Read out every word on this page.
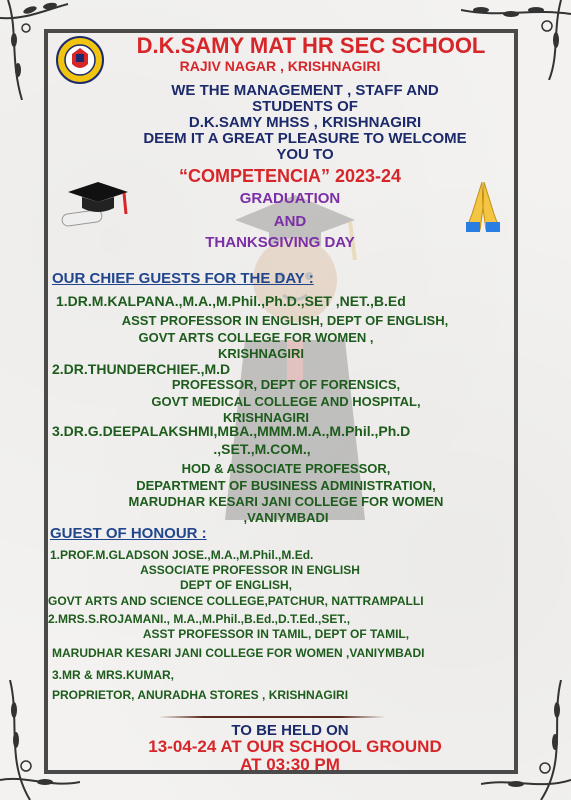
D.K.SAMY MAT HR SEC SCHOOL
RAJIV NAGAR , KRISHNAGIRI
WE THE MANAGEMENT , STAFF AND
STUDENTS OF
D.K.SAMY MHSS , KRISHNAGIRI
DEEM IT A GREAT PLEASURE TO WELCOME
YOU TO
“COMPETENCIA” 2023-24
GRADUATION
AND
THANKSGIVING DAY
OUR CHIEF GUESTS FOR THE DAY :
1.DR.M.KALPANA.,M.A.,M.Phil.,Ph.D.,SET ,NET.,B.Ed
ASST PROFESSOR IN ENGLISH, DEPT OF ENGLISH,
GOVT ARTS COLLEGE FOR WOMEN ,
KRISHNAGIRI
2.DR.THUNDERCHIEF.,M.D
PROFESSOR, DEPT OF FORENSICS,
GOVT MEDICAL COLLEGE AND HOSPITAL,
KRISHNAGIRI
3.DR.G.DEEPALAKSHMI,MBA.,MMM.M.A.,M.Phil.,Ph.D
.,SET.,M.COM.,
HOD & ASSOCIATE PROFESSOR,
DEPARTMENT OF BUSINESS ADMINISTRATION,
MARUDHAR KESARI JANI COLLEGE FOR WOMEN
,VANIYMBADI
GUEST OF HONOUR :
1.PROF.M.GLADSON JOSE.,M.A.,M.Phil.,M.Ed.
ASSOCIATE PROFESSOR IN ENGLISH
DEPT OF ENGLISH,
GOVT ARTS AND SCIENCE COLLEGE,PATCHUR, NATTRAMPALLI
2.MRS.S.ROJAMANI., M.A.,M.Phil.,B.Ed.,D.T.Ed.,SET.,
ASST PROFESSOR IN TAMIL, DEPT OF TAMIL,
MARUDHAR KESARI JANI COLLEGE FOR WOMEN ,VANIYMBADI
3.MR & MRS.KUMAR,
PROPRIETOR, ANURADHA STORES , KRISHNAGIRI
TO BE HELD ON
13-04-24 AT OUR SCHOOL GROUND
AT 03:30 PM
